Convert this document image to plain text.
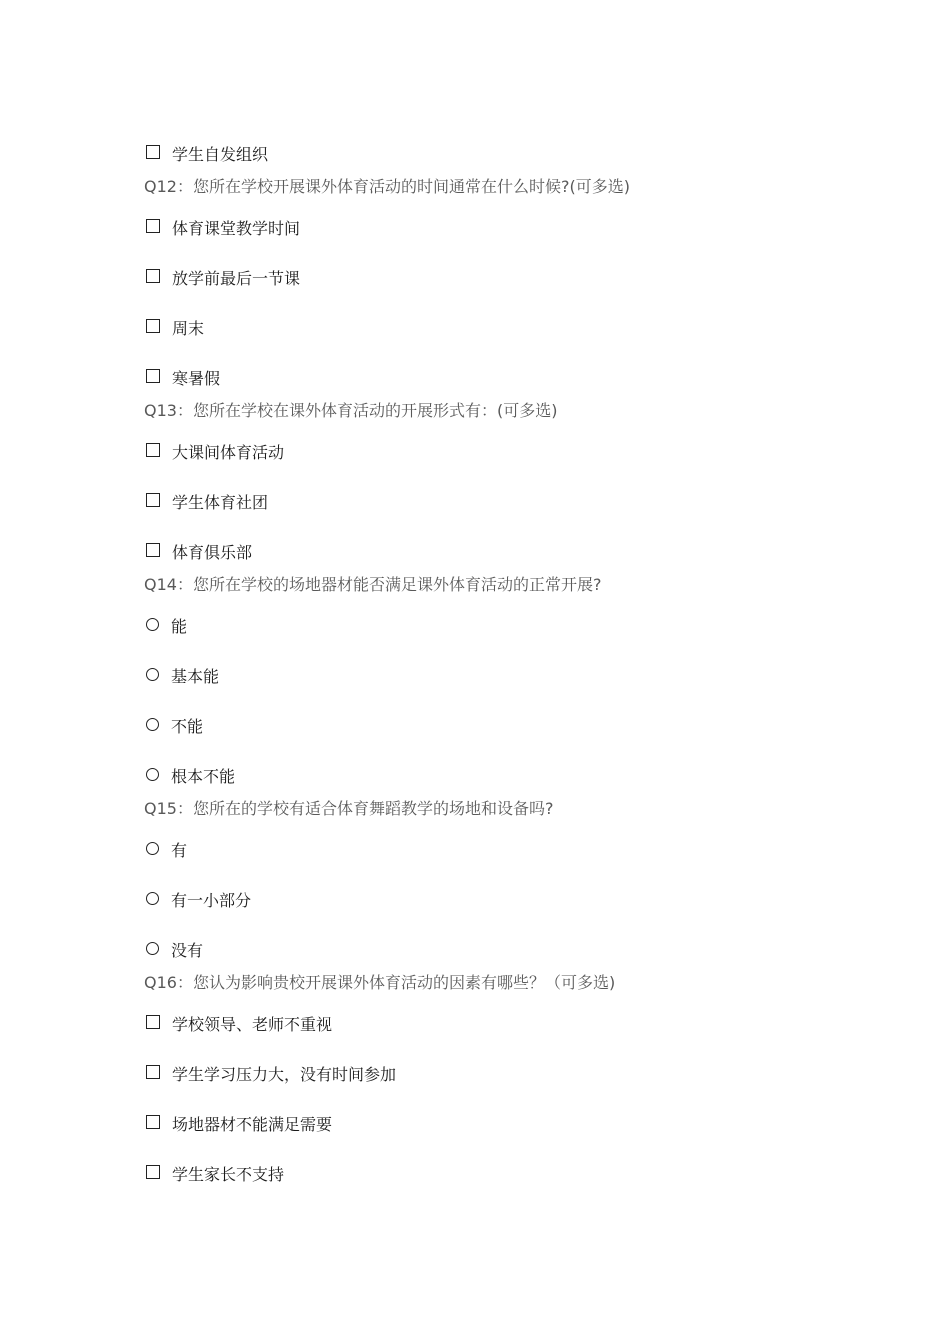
学生自发组织
Q12：您所在学校开展课外体育活动的时间通常在什么时候?(可多选)
体育课堂教学时间
放学前最后一节课
周末
寒暑假
Q13：您所在学校在课外体育活动的开展形式有：(可多选)
大课间体育活动
学生体育社团
体育俱乐部
Q14：您所在学校的场地器材能否满足课外体育活动的正常开展?
能
基本能
不能
根本不能
Q15：您所在的学校有适合体育舞蹈教学的场地和设备吗?
有
有一小部分
没有
Q16：您认为影响贵校开展课外体育活动的因素有哪些？（可多选)
学校领导、老师不重视
学生学习压力大，没有时间参加
场地器材不能满足需要
学生家长不支持
